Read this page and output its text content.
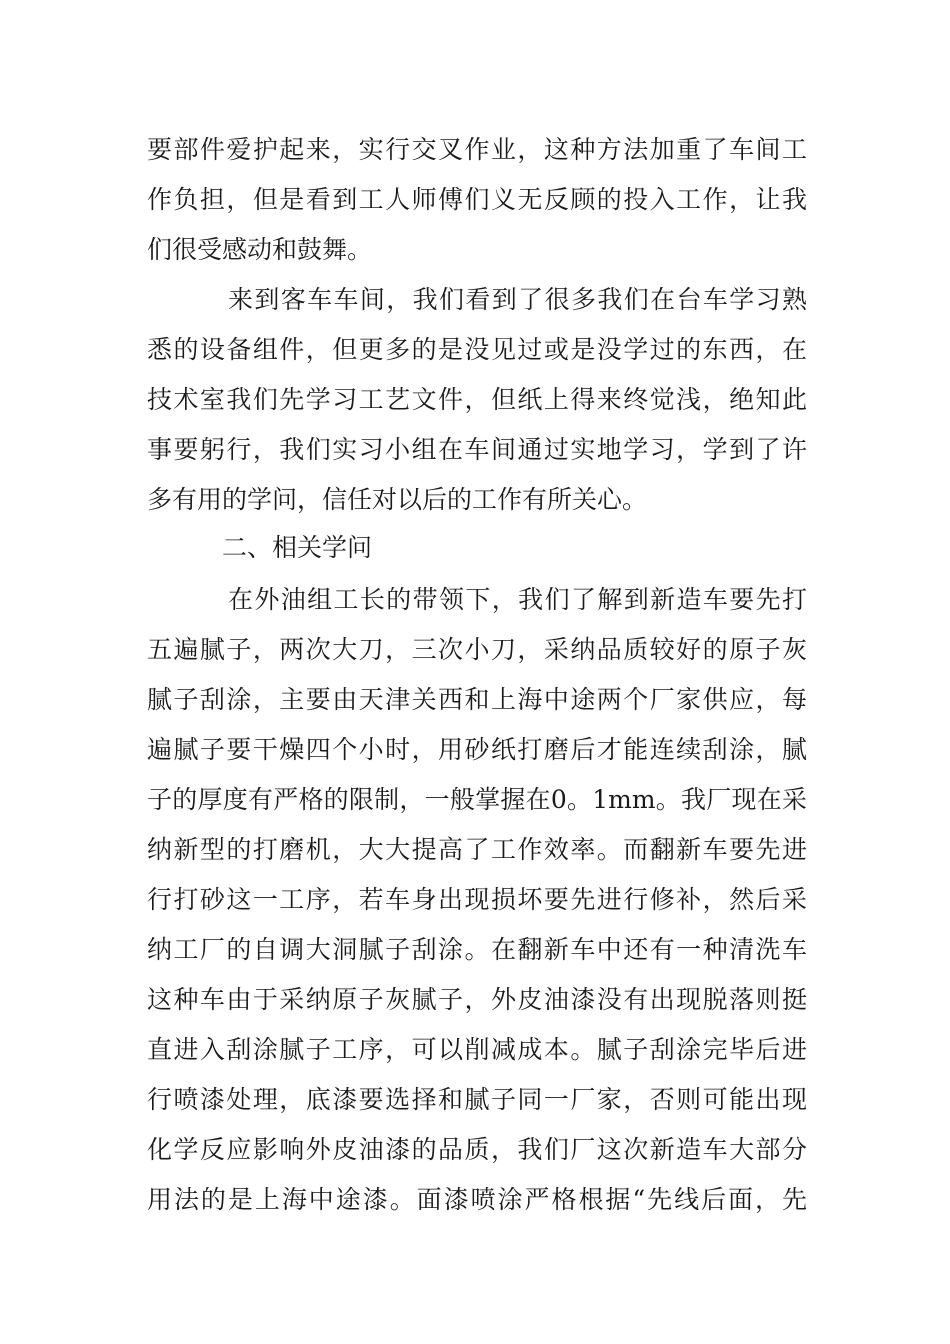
要部件爱护起来，实行交叉作业，这种方法加重了车间工
作负担，但是看到工人师傅们义无反顾的投入工作，让我
们很受感动和鼓舞。
来到客车车间，我们看到了很多我们在台车学习熟
悉的设备组件，但更多的是没见过或是没学过的东西，在
技术室我们先学习工艺文件，但纸上得来终觉浅，绝知此
事要躬行，我们实习小组在车间通过实地学习，学到了许
多有用的学问，信任对以后的工作有所关心。
二、相关学问
在外油组工长的带领下，我们了解到新造车要先打
五遍腻子，两次大刀，三次小刀，采纳品质较好的原子灰
腻子刮涂，主要由天津关西和上海中途两个厂家供应，每
遍腻子要干燥四个小时，用砂纸打磨后才能连续刮涂，腻
子的厚度有严格的限制，一般掌握在0。1mm。我厂现在采
纳新型的打磨机，大大提高了工作效率。而翻新车要先进
行打砂这一工序，若车身出现损坏要先进行修补，然后采
纳工厂的自调大洞腻子刮涂。在翻新车中还有一种清洗车
这种车由于采纳原子灰腻子，外皮油漆没有出现脱落则挺
直进入刮涂腻子工序，可以削减成本。腻子刮涂完毕后进
行喷漆处理，底漆要选择和腻子同一厂家，否则可能出现
化学反应影响外皮油漆的品质，我们厂这次新造车大部分
用法的是上海中途漆。面漆喷涂严格根据“先线后面，先
